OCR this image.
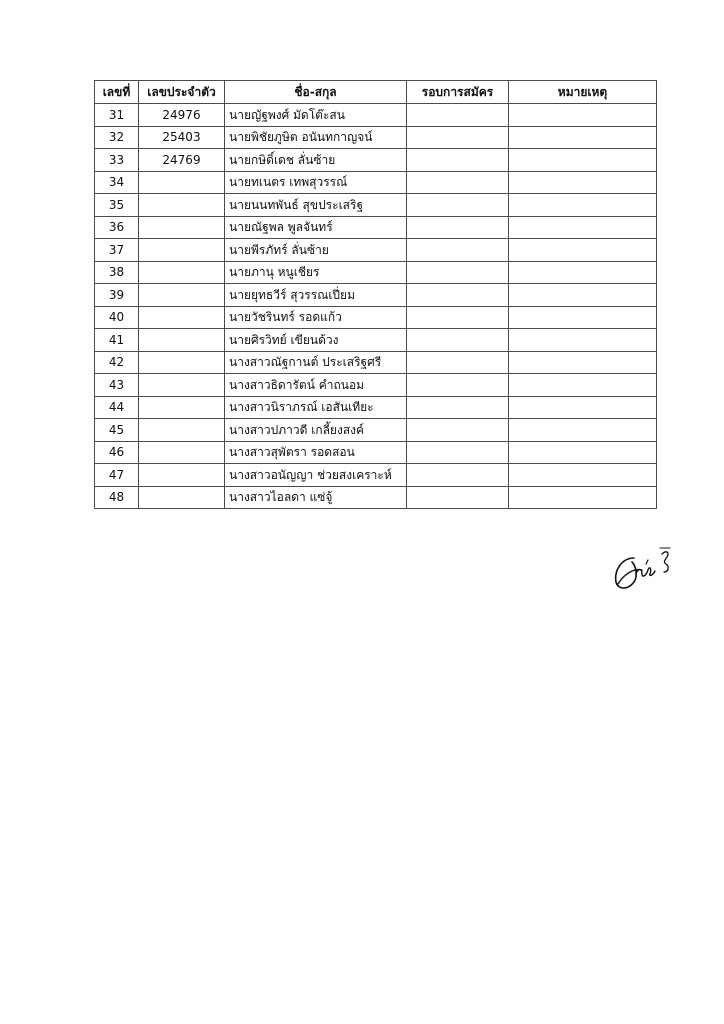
เลขที่	เลขประจำตัว	ชื่อ-สกุล	รอบการสมัคร	หมายเหตุ
31	24976	นายญัฐพงศ์ มัดโต๊ะสน		
32	25403	นายพิชัยภูษิต อนันทกาญจน์		
33	24769	นายกษิดิ์เดช ลั่นซ้าย		
34		นายทเนตร เทพสุวรรณ์		
35		นายนนทพันธ์ สุขประเสริฐ		
36		นายณัฐพล พูลจันทร์		
37		นายพีรภัทร์ ลั่นซ้าย		
38		นายภานุ หนูเชียร		
39		นายยุทธวีร์ สุวรรณเปี่ยม		
40		นายวัชรินทร์ รอดแก้ว		
41		นายศิรวิทย์ เขียนด้วง		
42		นางสาวณัฐกานต์ ประเสริฐศรี		
43		นางสาวธิดารัตน์ คำถนอม		
44		นางสาวนิราภรณ์ เอสันเทียะ		
45		นางสาวปภาวดี เกลี้ยงสงค์		
46		นางสาวสุพัตรา รอดสอน		
47		นางสาวอนัญญา ช่วยสงเคราะห์		
48		นางสาวไอลดา แซ่จู้		
